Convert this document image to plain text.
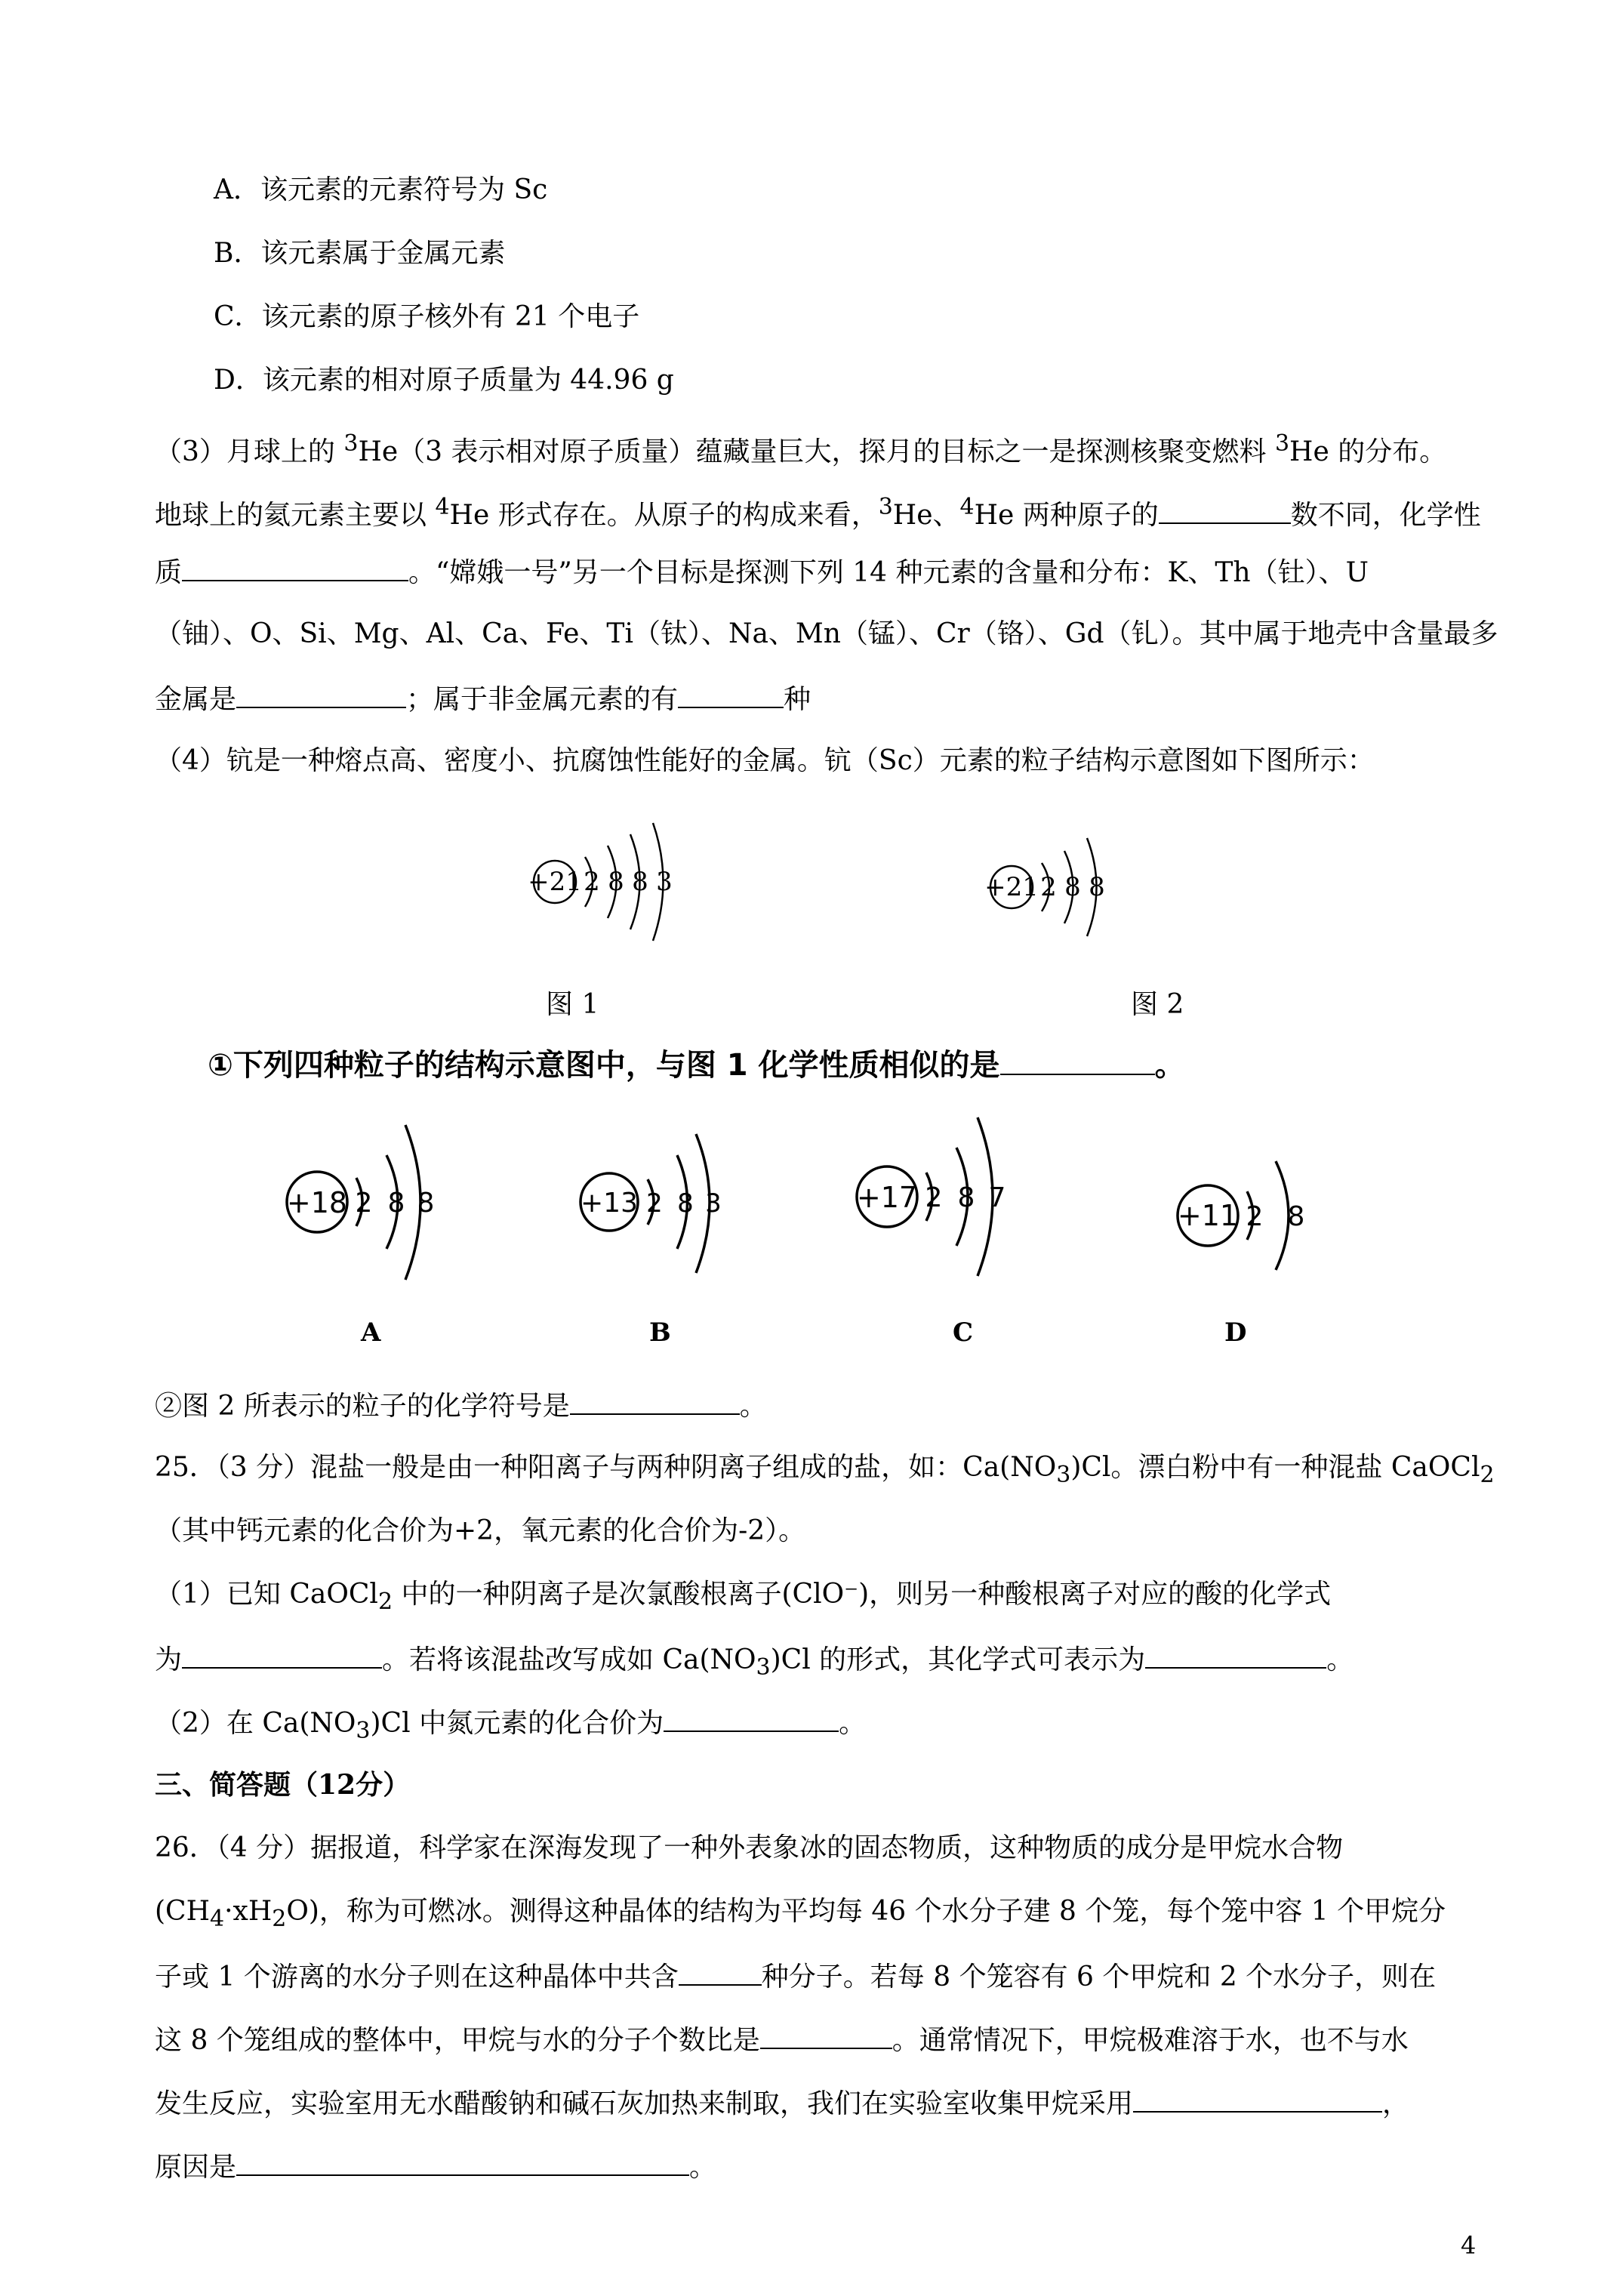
A．该元素的元素符号为 Sc
B．该元素属于金属元素
C．该元素的原子核外有 21 个电子
D．该元素的相对原子质量为 44.96 g
（3）月球上的 $^3$He（3 表示相对原子质量）蕴藏量巨大，探月的目标之一是探测核聚变燃料 $^3$He 的分布。
地球上的氦元素主要以 $^4$He 形式存在。从原子的构成来看，$^3$He、$^4$He 两种原子的	数不同，化学性
质	。“嫦娥一号”另一个目标是探测下列 14 种元素的含量和分布：K、Th（钍）、U
（铀）、O、Si、Mg、Al、Ca、Fe、Ti（钛）、Na、Mn（锰）、Cr（铬）、Gd（钆）。其中属于地壳中含量最多
金属是	；属于非金属元素的有	种
（4）钪是一种熔点高、密度小、抗腐蚀性能好的金属。钪（Sc）元素的粒子结构示意图如下图所示：
+21 2 8 8 3
图 1
+21 2 8 8
图 2
①下列四种粒子的结构示意图中，与图 1 化学性质相似的是	。
+18 2 8 8
A
+13 2 8 3
B
+17 2 8 7
C
+11 2 8
D
②图 2 所表示的粒子的化学符号是	。
25．（3 分）混盐一般是由一种阳离子与两种阴离子组成的盐，如：$Ca(NO_3)Cl$。漂白粉中有一种混盐 CaOCl$_2$
（其中钙元素的化合价为+2，氧元素的化合价为-2）。
（1）已知 CaOCl$_2$ 中的一种阴离子是次氯酸根离子(ClO⁻)，则另一种酸根离子对应的酸的化学式
为	。若将该混盐改写成如 $Ca(NO_3)Cl$ 的形式，其化学式可表示为	。
（2）在 $Ca(NO_3)Cl$ 中氮元素的化合价为	。
三、简答题（12分）
26．（4 分）据报道，科学家在深海发现了一种外表象冰的固态物质，这种物质的成分是甲烷水合物
$(CH_4\cdot xH_2O)$，称为可燃冰。测得这种晶体的结构为平均每 46 个水分子建 8 个笼，每个笼中容 1 个甲烷分
子或 1 个游离的水分子则在这种晶体中共含	种分子。若每 8 个笼容有 6 个甲烷和 2 个水分子，则在
这 8 个笼组成的整体中，甲烷与水的分子个数比是	。通常情况下，甲烷极难溶于水，也不与水
发生反应，实验室用无水醋酸钠和碱石灰加热来制取，我们在实验室收集甲烷采用	，
原因是	。
4
